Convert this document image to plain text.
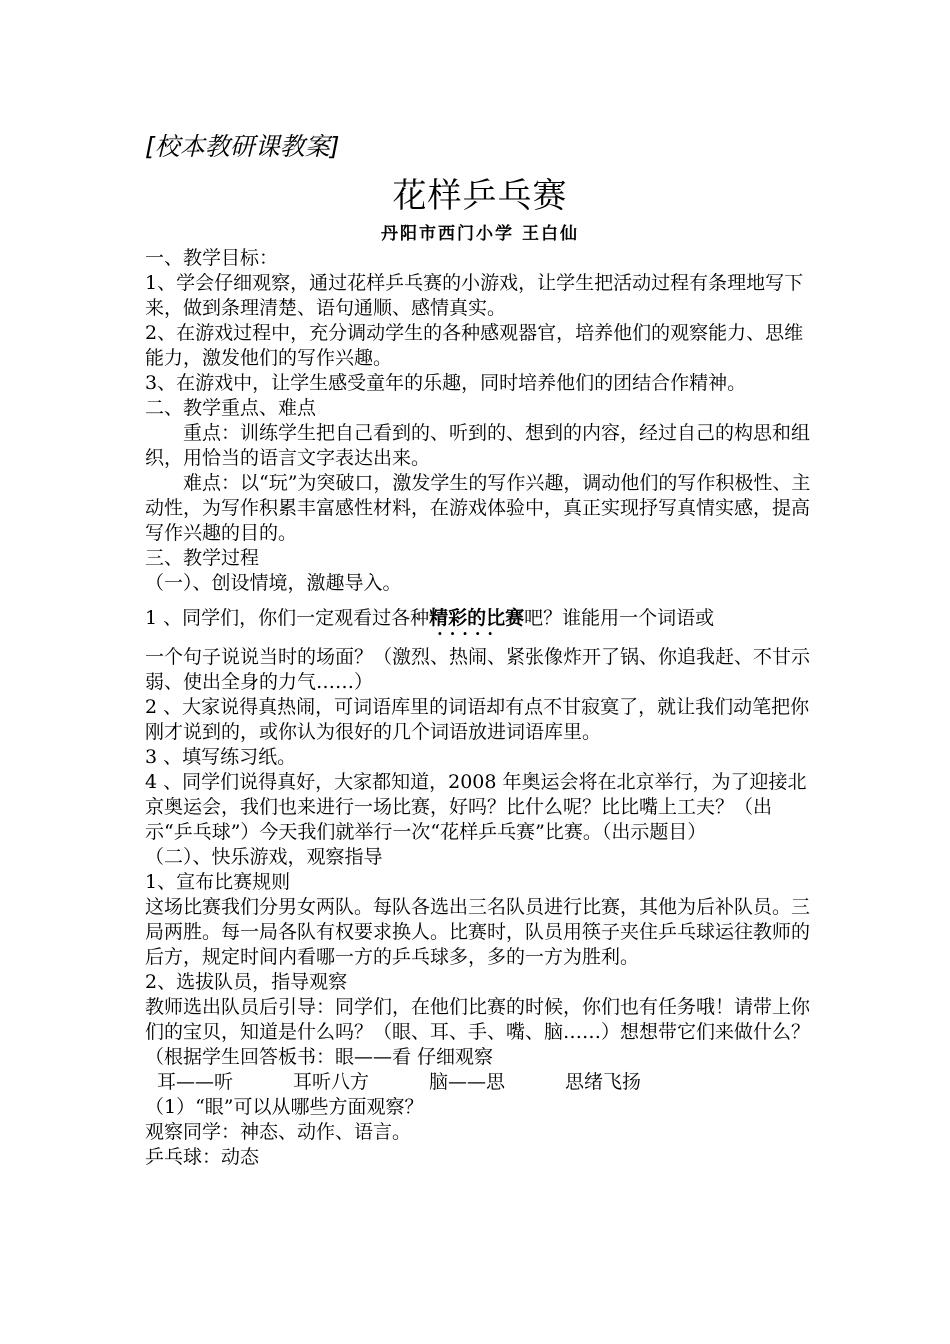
[校本教研课教案]
花样乒乓赛
丹阳市西门小学 王白仙

一、教学目标：

1、学会仔细观察，通过花样乒乓赛的小游戏，让学生把活动过程有条理地写下来，做到条理清楚、语句通顺、感情真实。

2、在游戏过程中，充分调动学生的各种感观器官，培养他们的观察能力、思维能力，激发他们的写作兴趣。

3、在游戏中，让学生感受童年的乐趣，同时培养他们的团结合作精神。

二、教学重点、难点

重点：训练学生把自己看到的、听到的、想到的内容，经过自己的构思和组织，用恰当的语言文字表达出来。

难点：以“玩”为突破口，激发学生的写作兴趣，调动他们的写作积极性、主动性，为写作积累丰富感性材料，在游戏体验中，真正实现抒写真情实感，提高写作兴趣的目的。

三、教学过程

（一）、创设情境，激趣导入。

1 、同学们，你们一定观看过各种精彩的比赛 ·····吧？谁能用一个词语或

一个句子说说当时的场面？（激烈、热闹、紧张像炸开了锅、你追我赶、不甘示弱、使出全身的力气……）

2 、大家说得真热闹，可词语库里的词语却有点不甘寂寞了，就让我们动笔把你刚才说到的，或你认为很好的几个词语放进词语库里。

3 、填写练习纸。

4 、同学们说得真好，大家都知道，2008 年奥运会将在北京举行，为了迎接北京奥运会，我们也来进行一场比赛，好吗？比什么呢？比比嘴上工夫？（出示“乒乓球”）今天我们就举行一次“花样乒乓赛”比赛。（出示题目）

（二）、快乐游戏，观察指导

1、宣布比赛规则

这场比赛我们分男女两队。每队各选出三名队员进行比赛，其他为后补队员。三局两胜。每一局各队有权要求换人。比赛时，队员用筷子夹住乒乓球运往教师的后方，规定时间内看哪一方的乒乓球多，多的一方为胜利。

2、选拔队员，指导观察

教师选出队员后引导：同学们，在他们比赛的时候，你们也有任务哦！请带上你们的宝贝，知道是什么吗？（眼、耳、手、嘴、脑……）想想带它们来做什么？（根据学生回答板书：眼——看 仔细观察

耳——听	耳听八方	脑——思	思绪飞扬

（1）“眼”可以从哪些方面观察？

观察同学：神态、动作、语言。

乒乓球：动态
